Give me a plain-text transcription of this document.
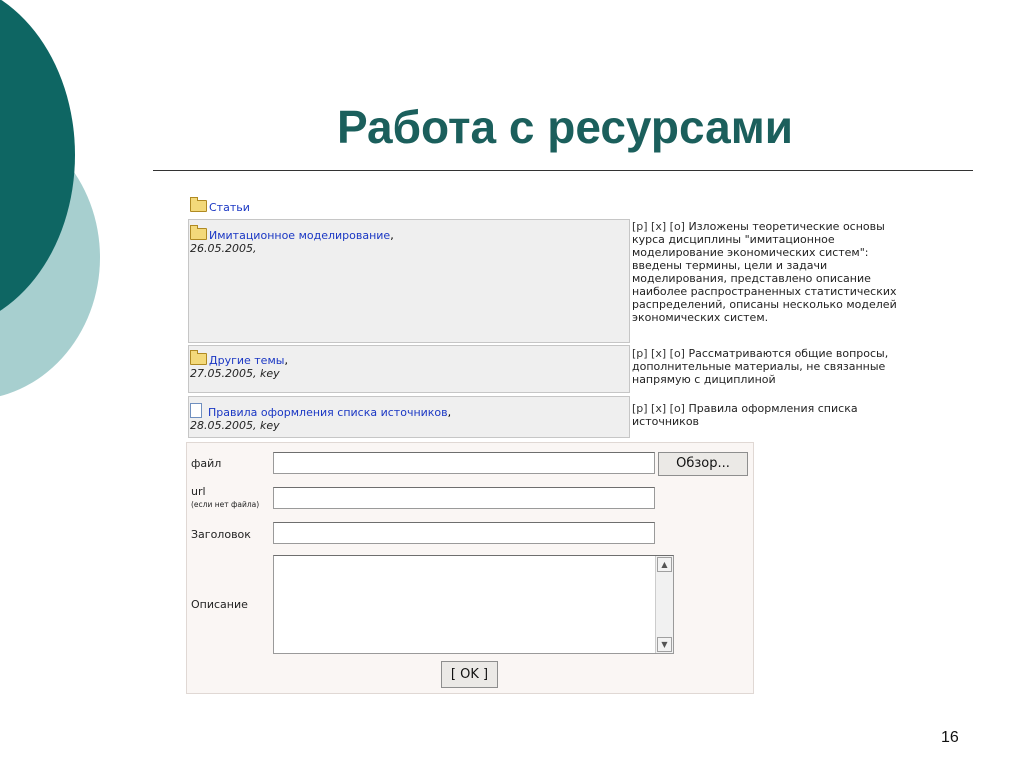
Работа с ресурсами
Статьи
Имитационное моделирование,
26.05.2005,
[p] [x] [o] Изложены теоретические основы курса дисциплины "имитационное моделирование экономических систем": введены термины, цели и задачи моделирования, представлено описание наиболее распространенных статистических распределений, описаны несколько моделей экономических систем.
Другие темы,
27.05.2005, key
[p] [x] [o] Рассматриваются общие вопросы, дополнительные материалы, не связанные напрямую с дициплиной
Правила оформления списка источников,
28.05.2005, key
[p] [x] [o] Правила оформления списка источников
файл	Обзор...
url
(если нет файла)
Заголовок
Описание
▲
▼
[ OK ]
16
